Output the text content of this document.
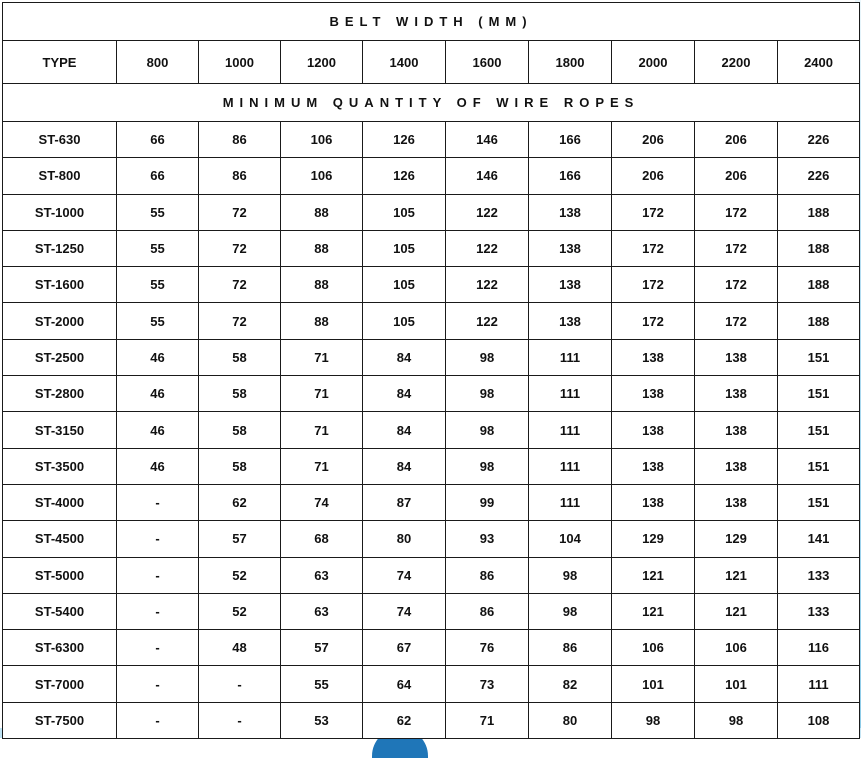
BELT WIDTH (MM)									
TYPE	800	1000	1200	1400	1600	1800	2000	2200	2400
MINIMUM QUANTITY OF WIRE ROPES									
ST-630	66	86	106	126	146	166	206	206	226
ST-800	66	86	106	126	146	166	206	206	226
ST-1000	55	72	88	105	122	138	172	172	188
ST-1250	55	72	88	105	122	138	172	172	188
ST-1600	55	72	88	105	122	138	172	172	188
ST-2000	55	72	88	105	122	138	172	172	188
ST-2500	46	58	71	84	98	111	138	138	151
ST-2800	46	58	71	84	98	111	138	138	151
ST-3150	46	58	71	84	98	111	138	138	151
ST-3500	46	58	71	84	98	111	138	138	151
ST-4000	-	62	74	87	99	111	138	138	151
ST-4500	-	57	68	80	93	104	129	129	141
ST-5000	-	52	63	74	86	98	121	121	133
ST-5400	-	52	63	74	86	98	121	121	133
ST-6300	-	48	57	67	76	86	106	106	116
ST-7000	-	-	55	64	73	82	101	101	111
ST-7500	-	-	53	62	71	80	98	98	108
